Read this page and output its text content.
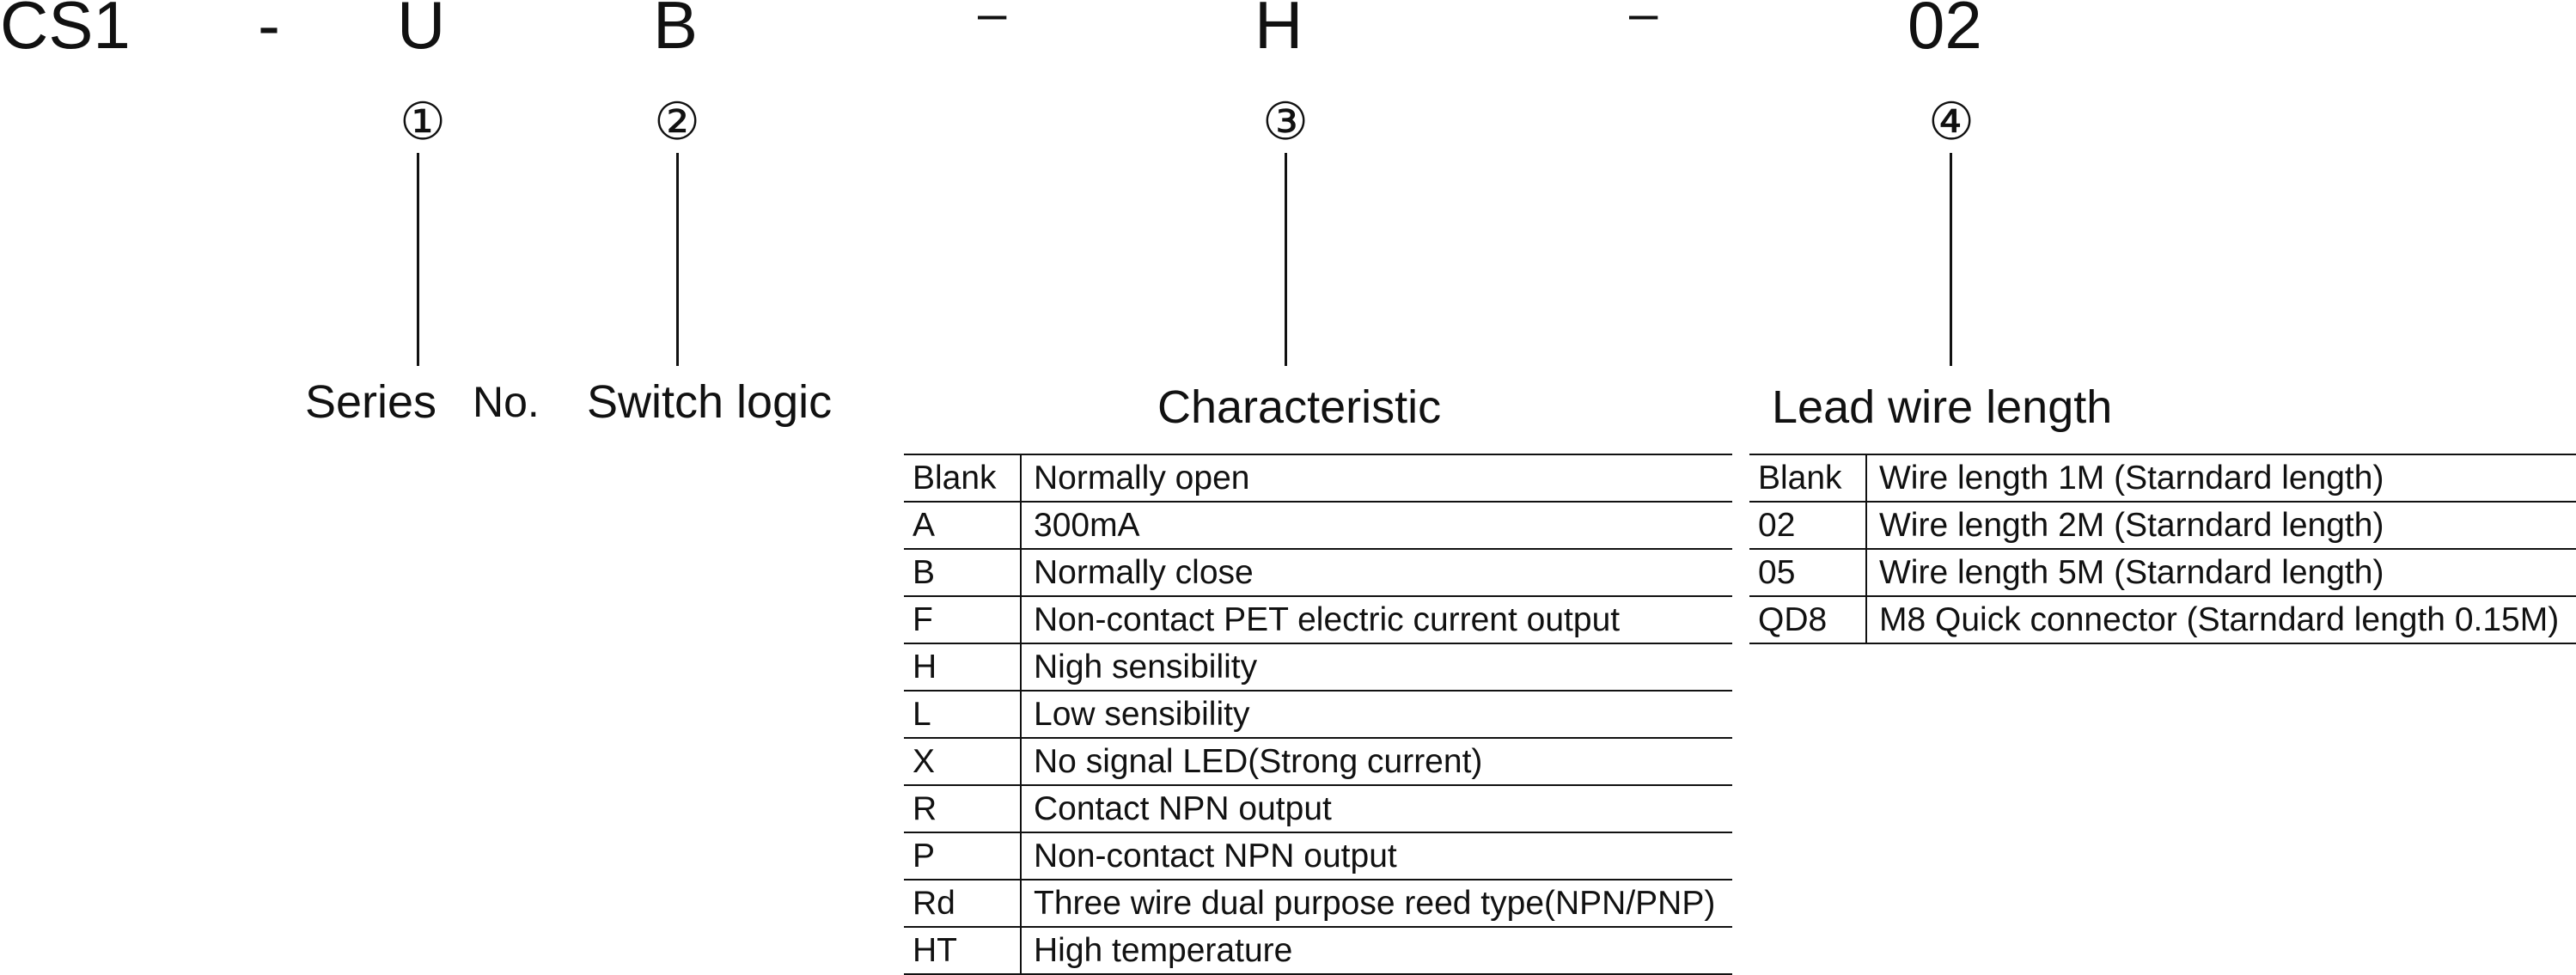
CS1 - U	B	–	H	–	02
①	②	③	④
Series No. Switch logic	Characteristic	Lead wire length
Blank	Normally open
A	300mA
B	Normally close
F	Non-contact PET electric current output
H	Nigh sensibility
L	Low sensibility
X	No signal LED(Strong current)
R	Contact NPN output
P	Non-contact NPN output
Rd	Three wire dual purpose reed type(NPN/PNP)
HT	High temperature
Blank	Wire length 1M (Starndard length)
02	Wire length 2M (Starndard length)
05	Wire length 5M (Starndard length)
QD8	M8 Quick connector (Starndard length 0.15M)
